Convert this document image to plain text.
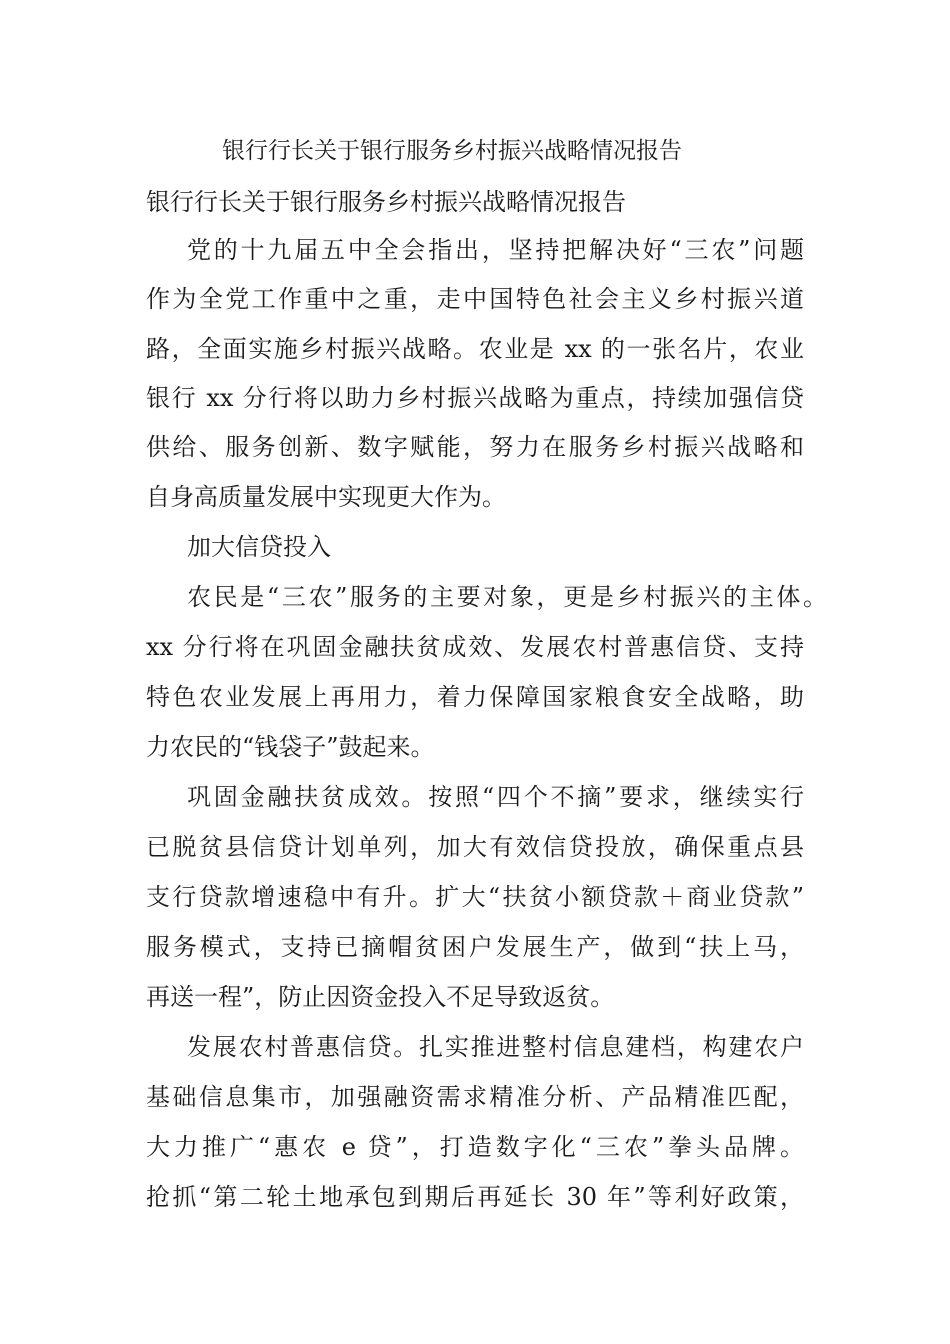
银行行长关于银行服务乡村振兴战略情况报告
银行行长关于银行服务乡村振兴战略情况报告
党的十九届五中全会指出，坚持把解决好“三农”问题
作为全党工作重中之重，走中国特色社会主义乡村振兴道
路，全面实施乡村振兴战略。农业是 xx 的一张名片，农业
银行 xx 分行将以助力乡村振兴战略为重点，持续加强信贷
供给、服务创新、数字赋能，努力在服务乡村振兴战略和
自身高质量发展中实现更大作为。
加大信贷投入
农民是“三农”服务的主要对象，更是乡村振兴的主体。
xx 分行将在巩固金融扶贫成效、发展农村普惠信贷、支持
特色农业发展上再用力，着力保障国家粮食安全战略，助
力农民的“钱袋子”鼓起来。
巩固金融扶贫成效。按照“四个不摘”要求，继续实行
已脱贫县信贷计划单列，加大有效信贷投放，确保重点县
支行贷款增速稳中有升。扩大“扶贫小额贷款＋商业贷款”
服务模式，支持已摘帽贫困户发展生产，做到“扶上马，
再送一程”，防止因资金投入不足导致返贫。
发展农村普惠信贷。扎实推进整村信息建档，构建农户
基础信息集市，加强融资需求精准分析、产品精准匹配，
大力推广“惠农 e 贷”，打造数字化“三农”拳头品牌。
抢抓“第二轮土地承包到期后再延长 30 年”等利好政策，
